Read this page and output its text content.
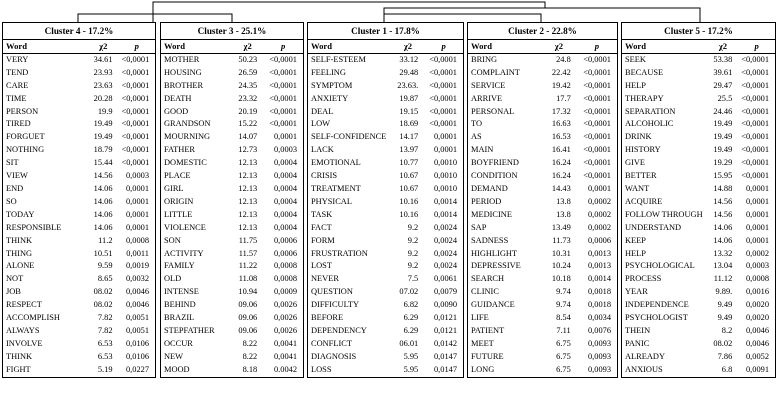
Cluster 4 - 17.2%		
Word	χ2	p
VERY	34.61	<0,0001
TEND	23.93	<0,0001
CARE	23.63	<0,0001
TIME	20.28	<0,0001
PERSON	19.9	<0,0001
TIRED	19.49	<0,0001
FORGUET	19.49	<0,0001
NOTHING	18.79	<0,0001
SIT	15.44	<0,0001
VIEW	14.56	0,0003
END	14.06	0,0001
SO	14.06	0,0001
TODAY	14.06	0,0001
RESPONSIBLE	14.06	0,0001
THINK	11.2	0,0008
THING	10.51	0,0011
ALONE	9.59	0,0019
NOT	8.65	0,0032
JOB	08.02	0,0046
RESPECT	08.02	0,0046
ACCOMPLISH	7.82	0,0051
ALWAYS	7.82	0,0051
INVOLVE	6.53	0,0106
THINK	6.53	0,0106
FIGHT	5.19	0,0227
Cluster 3 - 25.1%		
Word	χ2	p
MOTHER	50.23	<0,0001
HOUSING	26.59	<0,0001
BROTHER	24.35	<0,0001
DEATH	23.32	<0,0001
GOOD	20.19	<0,0001
GRANDSON	15.22	<0,0001
MOURNING	14.07	0,0001
FATHER	12.73	0,0003
DOMESTIC	12.13	0,0004
PLACE	12.13	0,0004
GIRL	12.13	0,0004
ORIGIN	12.13	0,0004
LITTLE	12.13	0,0004
VIOLENCE	12.13	0,0004
SON	11.75	0,0006
ACTIVITY	11.57	0,0006
FAMILY	11.22	0,0008
OLD	11.08	0,0008
INTENSE	10.94	0,0009
BEHIND	09.06	0,0026
BRAZIL	09.06	0,0026
STEPFATHER	09.06	0,0026
OCCUR	8.22	0,0041
NEW	8.22	0,0041
MOOD	8.18	0.0042
Cluster 1 - 17.8%		
Word	χ2	p
SELF-ESTEEM	33.12	<0,0001
FEELING	29.48	<0,0001
SYMPTOM	23.63.	<0,0001
ANXIETY	19.87	<0,0001
DEAL	19.15	<0,0001
LOW	18.69	<0,0001
SELF-CONFIDENCE	14.17	0,0001
LACK	13.97	0,0001
EMOTIONAL	10.77	0,0010
CRISIS	10.67	0,0010
TREATMENT	10.67	0,0010
PHYSICAL	10.16	0,0014
TASK	10.16	0,0014
FACT	9.2	0,0024
FORM	9.2	0,0024
FRUSTRATION	9.2	0,0024
LOST	9.2	0,0024
NEVER	7.5	0,0061
QUESTION	07.02	0,0079
DIFFICULTY	6.82	0,0090
BEFORE	6.29	0,0121
DEPENDENCY	6.29	0,0121
CONFLICT	06.01	0,0142
DIAGNOSIS	5.95	0,0147
LOSS	5.95	0,0147
Cluster 2 - 22.8%		
Word	χ2	p
BRING	24.8	<0,0001
COMPLAINT	22.42	<0,0001
SERVICE	19.42	<0,0001
ARRIVE	17.7	<0,0001
PERSONAL	17.32	<0,0001
TO	16.63	<0,0001
AS	16.53	<0,0001
MAIN	16.41	<0,0001
BOYFRIEND	16.24	<0,0001
CONDITION	16.24	<0,0001
DEMAND	14.43	0,0001
PERIOD	13.8	0,0002
MEDICINE	13.8	0,0002
SAP	13.49	0,0002
SADNESS	11.73	0,0006
HIGHLIGHT	10.31	0,0013
DEPRESSIVE	10.24	0,0013
SEARCH	10.18	0,0014
CLINIC	9.74	0,0018
GUIDANCE	9.74	0,0018
LIFE	8.54	0,0034
PATIENT	7.11	0,0076
MEET	6.75	0,0093
FUTURE	6.75	0,0093
LONG	6.75	0,0093
Cluster 5 - 17.2%		
Word	χ2	p
SEEK	53.38	<0,0001
BECAUSE	39.61	<0,0001
HELP	29.47	<0,0001
THERAPY	25.5	<0,0001
SEPARATION	24.46	<0,0001
ALCOHOLIC	19.49	<0,0001
DRINK	19.49	<0,0001
HISTORY	19.49	<0,0001
GIVE	19.29	<0,0001
BETTER	15.95	<0,0001
WANT	14.88	0,0001
ACQUIRE	14.56	0,0001
FOLLOW THROUGH	14.56	0,0001
UNDERSTAND	14.06	0,0001
KEEP	14.06	0,0001
HELP	13.32	0,0002
PSYCHOLOGICAL	13.04	0,0003
PROCESS	11.12	0,0008
YEAR	9.89.	0,0016
INDEPENDENCE	9.49	0,0020
PSYCHOLOGIST	9.49	0,0020
THEIN	8.2	0,0046
PANIC	08.02	0,0046
ALREADY	7.86	0,0052
ANXIOUS	6.8	0,0091
